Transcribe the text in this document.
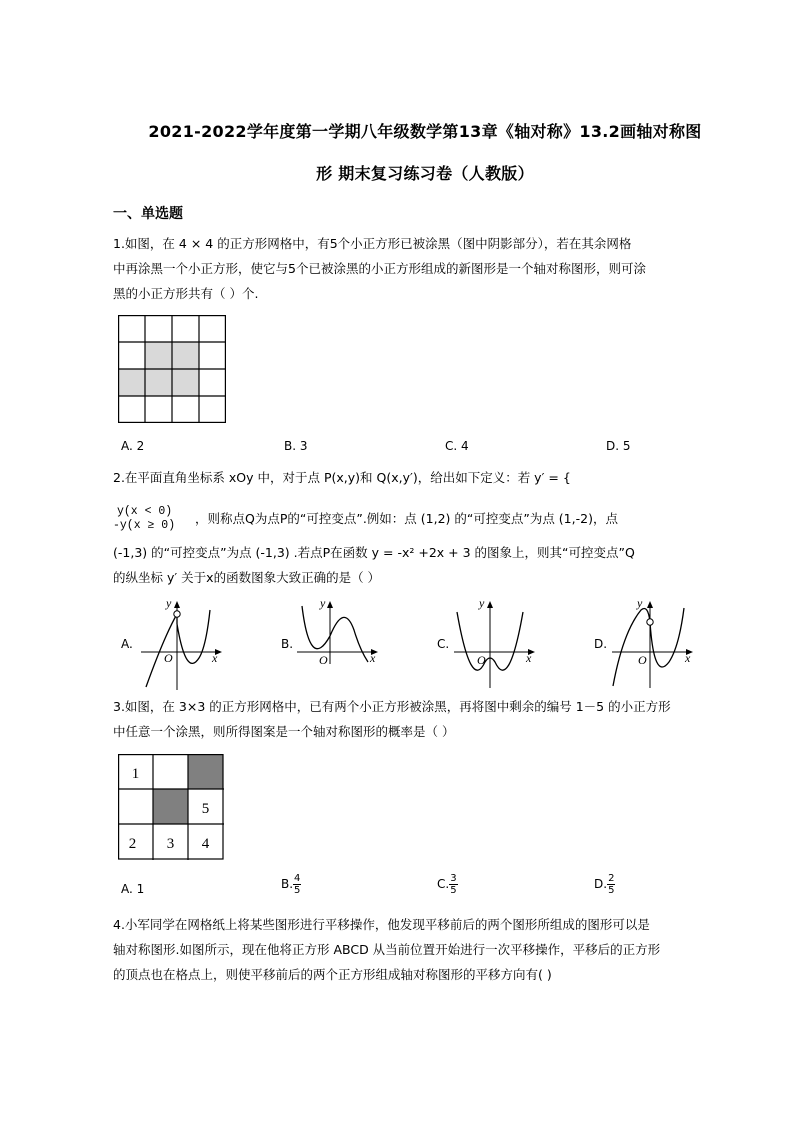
2021-2022学年度第一学期八年级数学第13章《轴对称》13.2画轴对称图
形 期末复习练习卷（人教版）
一、单选题
1.如图，在 4 × 4 的正方形网格中，有5个小正方形已被涂黑（图中阴影部分），若在其余网格
中再涂黑一个小正方形，使它与5个已被涂黑的小正方形组成的新图形是一个轴对称图形，则可涂
黑的小正方形共有（ ）个.
A. 2	B. 3	C. 4	D. 5
2.在平面直角坐标系 xOy 中，对于点 P(x,y)和 Q(x,y′)，给出如下定义：若 y′ = {
y(x < 0)
-y(x ≥ 0) ，则称点Q为点P的“可控变点”.例如：点 (1,2) 的“可控变点”为点 (1,-2)，点
(-1,3) 的“可控变点”为点 (-1,3) .若点P在函数 y = -x² +2x + 3 的图象上，则其“可控变点”Q
的纵坐标 y′ 关于x的函数图象大致正确的是（ ）
A.
y
x
O
B.
y
x
O
C.
y
x
O
D.
y
x
O
3.如图，在 3×3 的正方形网格中，已有两个小正方形被涂黑，再将图中剩余的编号 1－5 的小正方形
中任意一个涂黑，则所得图案是一个轴对称图形的概率是（ ）
1
5
2 3 4
A. 1	B. $\frac{4}{5}$	C. $\frac{3}{5}$	D. $\frac{2}{5}$
4.小军同学在网格纸上将某些图形进行平移操作，他发现平移前后的两个图形所组成的图形可以是
轴对称图形.如图所示，现在他将正方形 ABCD 从当前位置开始进行一次平移操作，平移后的正方形
的顶点也在格点上，则使平移前后的两个正方形组成轴对称图形的平移方向有( )
